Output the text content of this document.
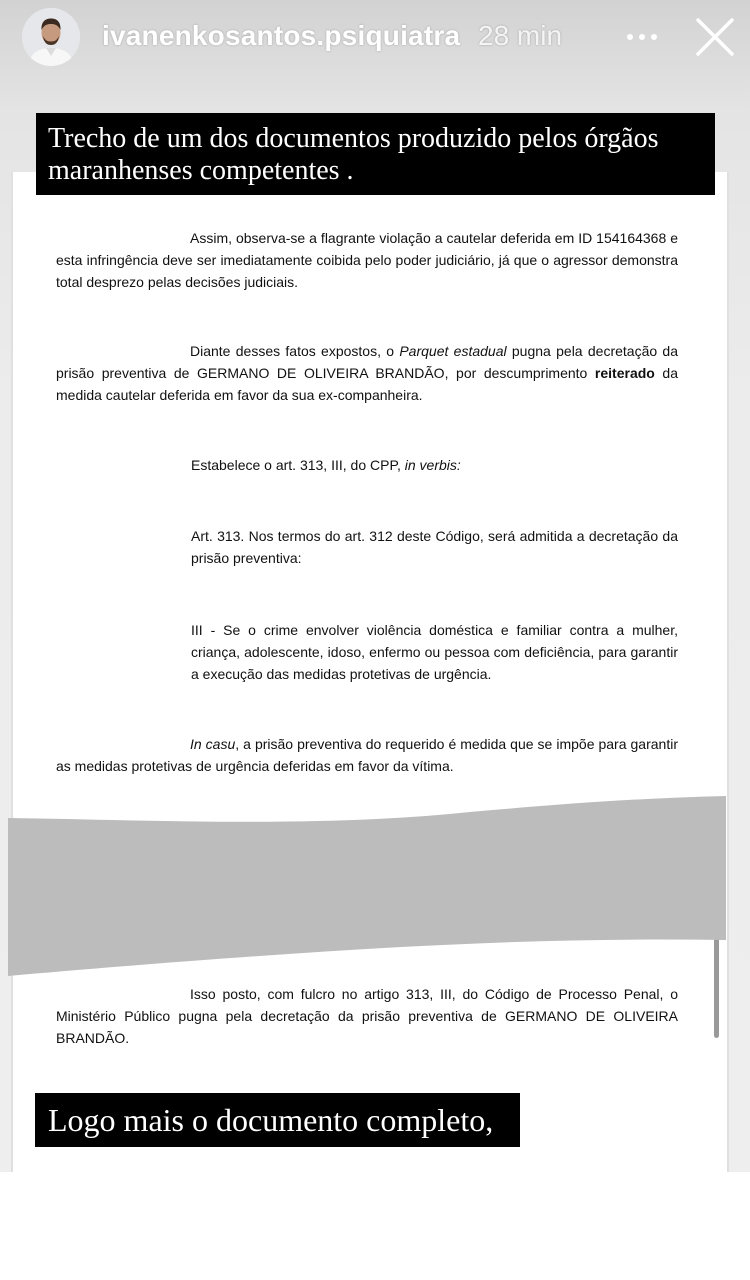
ivanenkosantos.psiquiatra 28 min
Trecho de um dos documentos produzido pelos órgãos maranhenses competentes .

Assim, observa-se a flagrante violação a cautelar deferida em ID 154164368 e esta infringência deve ser imediatamente coibida pelo poder judiciário, já que o agressor demonstra total desprezo pelas decisões judiciais.

Diante desses fatos expostos, o Parquet estadual pugna pela decretação da prisão preventiva de GERMANO DE OLIVEIRA BRANDÃO, por descumprimento reiterado da medida cautelar deferida em favor da sua ex-companheira.

Estabelece o art. 313, III, do CPP, in verbis:

Art. 313. Nos termos do art. 312 deste Código, será admitida a decretação da prisão preventiva:

III - Se o crime envolver violência doméstica e familiar contra a mulher, criança, adolescente, idoso, enfermo ou pessoa com deficiência, para garantir a execução das medidas protetivas de urgência.

In casu, a prisão preventiva do requerido é medida que se impõe para garantir as medidas protetivas de urgência deferidas em favor da vítima.

Isso posto, com fulcro no artigo 313, III, do Código de Processo Penal, o Ministério Público pugna pela decretação da prisão preventiva de GERMANO DE OLIVEIRA BRANDÃO.

Logo mais o documento completo,
